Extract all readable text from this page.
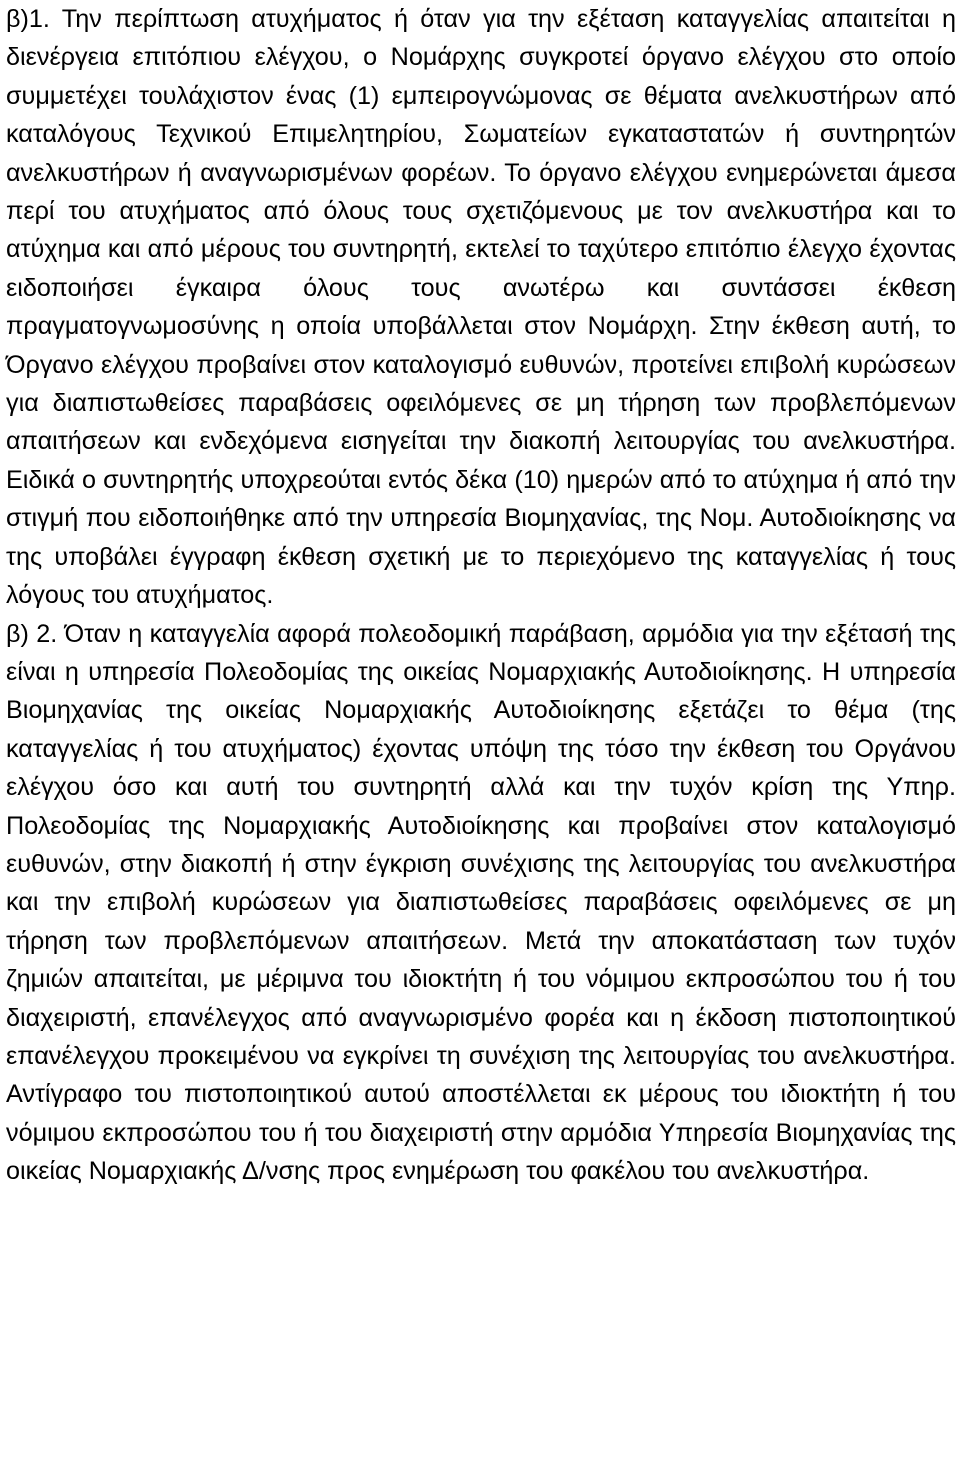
β)1. Την περίπτωση ατυχήματος ή όταν για την εξέταση καταγγελίας απαιτείται η διενέργεια επιτόπιου ελέγχου, ο Νομάρχης συγκροτεί όργανο ελέγχου στο οποίο συμμετέχει τουλάχιστον ένας (1) εμπειρογνώμονας σε θέματα ανελκυστήρων από καταλόγους Τεχνικού Επιμελητηρίου, Σωματείων εγκαταστατών ή συντηρητών ανελκυστήρων ή αναγνωρισμένων φορέων. Το όργανο ελέγχου ενημερώνεται άμεσα περί του ατυχήματος από όλους τους σχετιζόμενους με τον ανελκυστήρα και το ατύχημα και από μέρους του συντηρητή, εκτελεί το ταχύτερο επιτόπιο έλεγχο έχοντας ειδοποιήσει έγκαιρα όλους τους ανωτέρω και συντάσσει έκθεση πραγματογνωμοσύνης η οποία υποβάλλεται στον Νομάρχη. Στην έκθεση αυτή, το Όργανο ελέγχου προβαίνει στον καταλογισμό ευθυνών, προτείνει επιβολή κυρώσεων για διαπιστωθείσες παραβάσεις οφειλόμενες σε μη τήρηση των προβλεπόμενων απαιτήσεων και ενδεχόμενα εισηγείται την διακοπή λειτουργίας του ανελκυστήρα. Ειδικά ο συντηρητής υποχρεούται εντός δέκα (10) ημερών από το ατύχημα ή από την στιγμή που ειδοποιήθηκε από την υπηρεσία Βιομηχανίας, της Νομ. Αυτοδιοίκησης να της υποβάλει έγγραφη έκθεση σχετική με το περιεχόμενο της καταγγελίας ή τους λόγους του ατυχήματος.

β) 2. Όταν η καταγγελία αφορά πολεοδομική παράβαση, αρμόδια για την εξέτασή της είναι η υπηρεσία Πολεοδομίας της οικείας Νομαρχιακής Αυτοδιοίκησης. Η υπηρεσία Βιομηχανίας της οικείας Νομαρχιακής Αυτοδιοίκησης εξετάζει το θέμα (της καταγγελίας ή του ατυχήματος) έχοντας υπόψη της τόσο την έκθεση του Οργάνου ελέγχου όσο και αυτή του συντηρητή αλλά και την τυχόν κρίση της Υπηρ. Πολεοδομίας της Νομαρχιακής Αυτοδιοίκησης και προβαίνει στον καταλογισμό ευθυνών, στην διακοπή ή στην έγκριση συνέχισης της λειτουργίας του ανελκυστήρα και την επιβολή κυρώσεων για διαπιστωθείσες παραβάσεις οφειλόμενες σε μη τήρηση των προβλεπόμενων απαιτήσεων. Μετά την αποκατάσταση των τυχόν ζημιών απαιτείται, με μέριμνα του ιδιοκτήτη ή του νόμιμου εκπροσώπου του ή του διαχειριστή, επανέλεγχος από αναγνωρισμένο φορέα και η έκδοση πιστοποιητικού επανέλεγχου προκειμένου να εγκρίνει τη συνέχιση της λειτουργίας του ανελκυστήρα. Αντίγραφο του πιστοποιητικού αυτού αποστέλλεται εκ μέρους του ιδιοκτήτη ή του νόμιμου εκπροσώπου του ή του διαχειριστή στην αρμόδια Υπηρεσία Βιομηχανίας της οικείας Νομαρχιακής Δ/νσης προς ενημέρωση του φακέλου του ανελκυστήρα.
